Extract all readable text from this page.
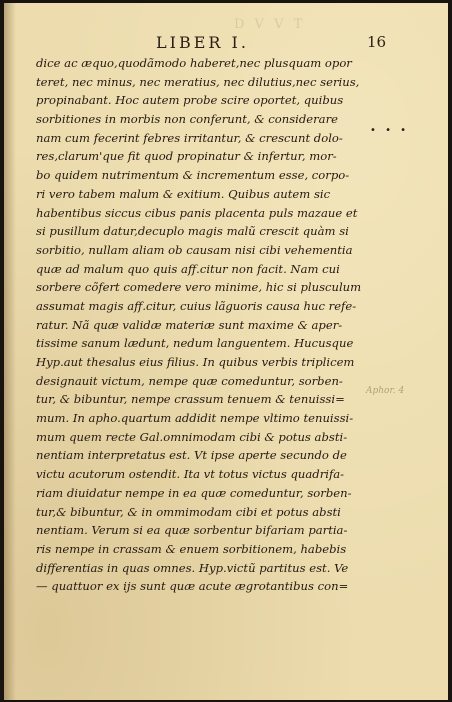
D V V T
LIBER I.	16
dice ac æquo,quodãmodo haberet,nec plusquam opor
teret, nec minus, nec meratius, nec dilutius,nec serius,
propinabant. Hoc autem probe scire oportet, quibus
sorbitiones in morbis non conferunt, & considerare
nam cum fecerint febres irritantur, & crescunt dolo-
res,clarum'que fit quod propinatur & infertur, mor-
bo quidem nutrimentum & incrementum esse, corpo-
ri vero tabem malum & exitium. Quibus autem sic
habentibus siccus cibus panis placenta puls mazaue et
si pusillum datur,decuplo magis malũ crescit quàm si
sorbitio, nullam aliam ob causam nisi cibi vehementia
quæ ad malum quo quis aff.citur non facit. Nam cui
sorbere cõfert comedere vero minime, hic si plusculum
assumat magis aff.citur, cuius lãguoris causa huc refe-
ratur. Nã quæ validæ materiæ sunt maxime & aper-
tissime sanum lædunt, nedum languentem. Hucusque
Hyp.aut thesalus eius filius. In quibus verbis triplicem
designauit victum, nempe quæ comeduntur, sorben-
tur, & bibuntur, nempe crassum tenuem & tenuissi=
mum. In apho.quartum addidit nempe vltimo tenuissi-
mum quem recte Gal.omnimodam cibi & potus absti-
nentiam interpretatus est. Vt ipse aperte secundo de
victu acutorum ostendit. Ita vt totus victus quadrifa-
riam diuidatur nempe in ea quæ comeduntur, sorben-
tur,& bibuntur, & in ommimodam cibi et potus absti
nentiam. Verum si ea quæ sorbentur bifariam partia-
ris nempe in crassam & enuem sorbitionem, habebis
differentias in quas omnes. Hyp.victũ partitus est. Ve
— quattuor ex ijs sunt quæ acute ægrotantibus con=
• • •
Aphor. 4
